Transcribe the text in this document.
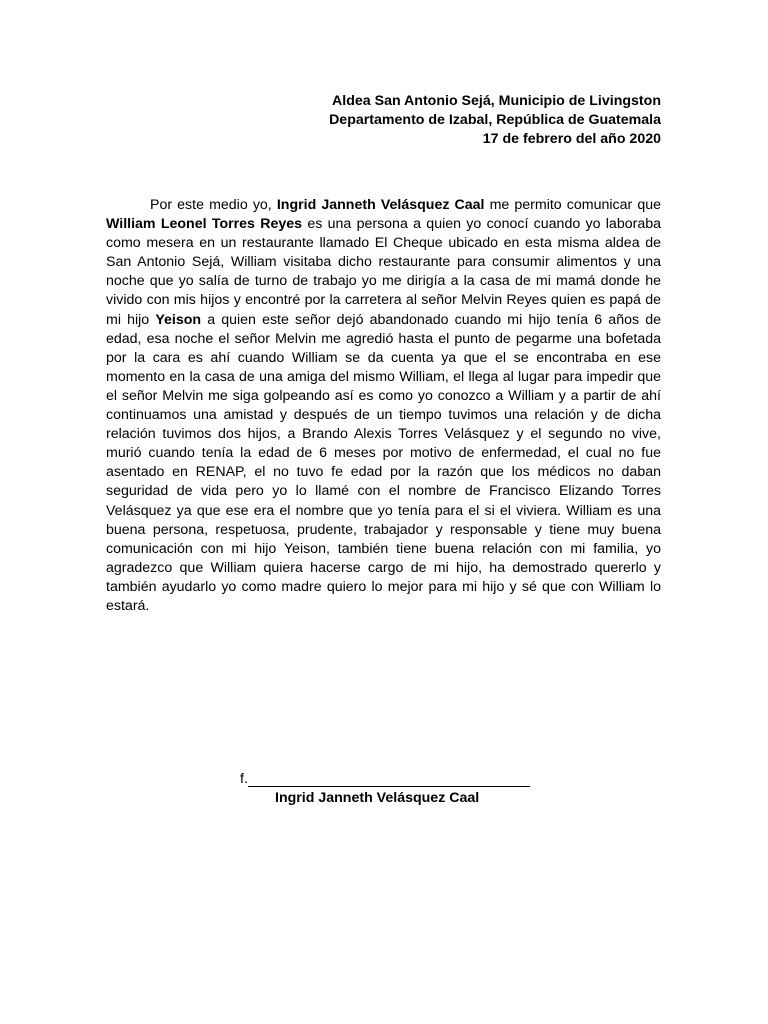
Aldea San Antonio Sejá, Municipio de Livingston
Departamento de Izabal, República de Guatemala
17 de febrero del año 2020
Por este medio yo, Ingrid Janneth Velásquez Caal me permito comunicar que William Leonel Torres Reyes es una persona a quien yo conocí cuando yo laboraba como mesera en un restaurante llamado El Cheque ubicado en esta misma aldea de San Antonio Sejá, William visitaba dicho restaurante para consumir alimentos y una noche que yo salía de turno de trabajo yo me dirigía a la casa de mi mamá donde he vivido con mis hijos y encontré por la carretera al señor Melvin Reyes quien es papá de mi hijo Yeison a quien este señor dejó abandonado cuando mi hijo tenía 6 años de edad, esa noche el señor Melvin me agredió hasta el punto de pegarme una bofetada por la cara es ahí cuando William se da cuenta ya que el se encontraba en ese momento en la casa de una amiga del mismo William, el llega al lugar para impedir que el señor Melvin me siga golpeando así es como yo conozco a William y a partir de ahí continuamos una amistad y después de un tiempo tuvimos una relación y de dicha relación tuvimos dos hijos, a Brando Alexis Torres Velásquez y el segundo no vive, murió cuando tenía la edad de 6 meses por motivo de enfermedad, el cual no fue asentado en RENAP, el no tuvo fe edad por la razón que los médicos no daban seguridad de vida pero yo lo llamé con el nombre de Francisco Elizando Torres Velásquez ya que ese era el nombre que yo tenía para el si el viviera. William es una buena persona, respetuosa, prudente, trabajador y responsable y tiene muy buena comunicación con mi hijo Yeison, también tiene buena relación con mi familia, yo agradezco que William quiera hacerse cargo de mi hijo, ha demostrado quererlo y también ayudarlo yo como madre quiero lo mejor para mi hijo y sé que con William lo estará.
f.
Ingrid Janneth Velásquez Caal
